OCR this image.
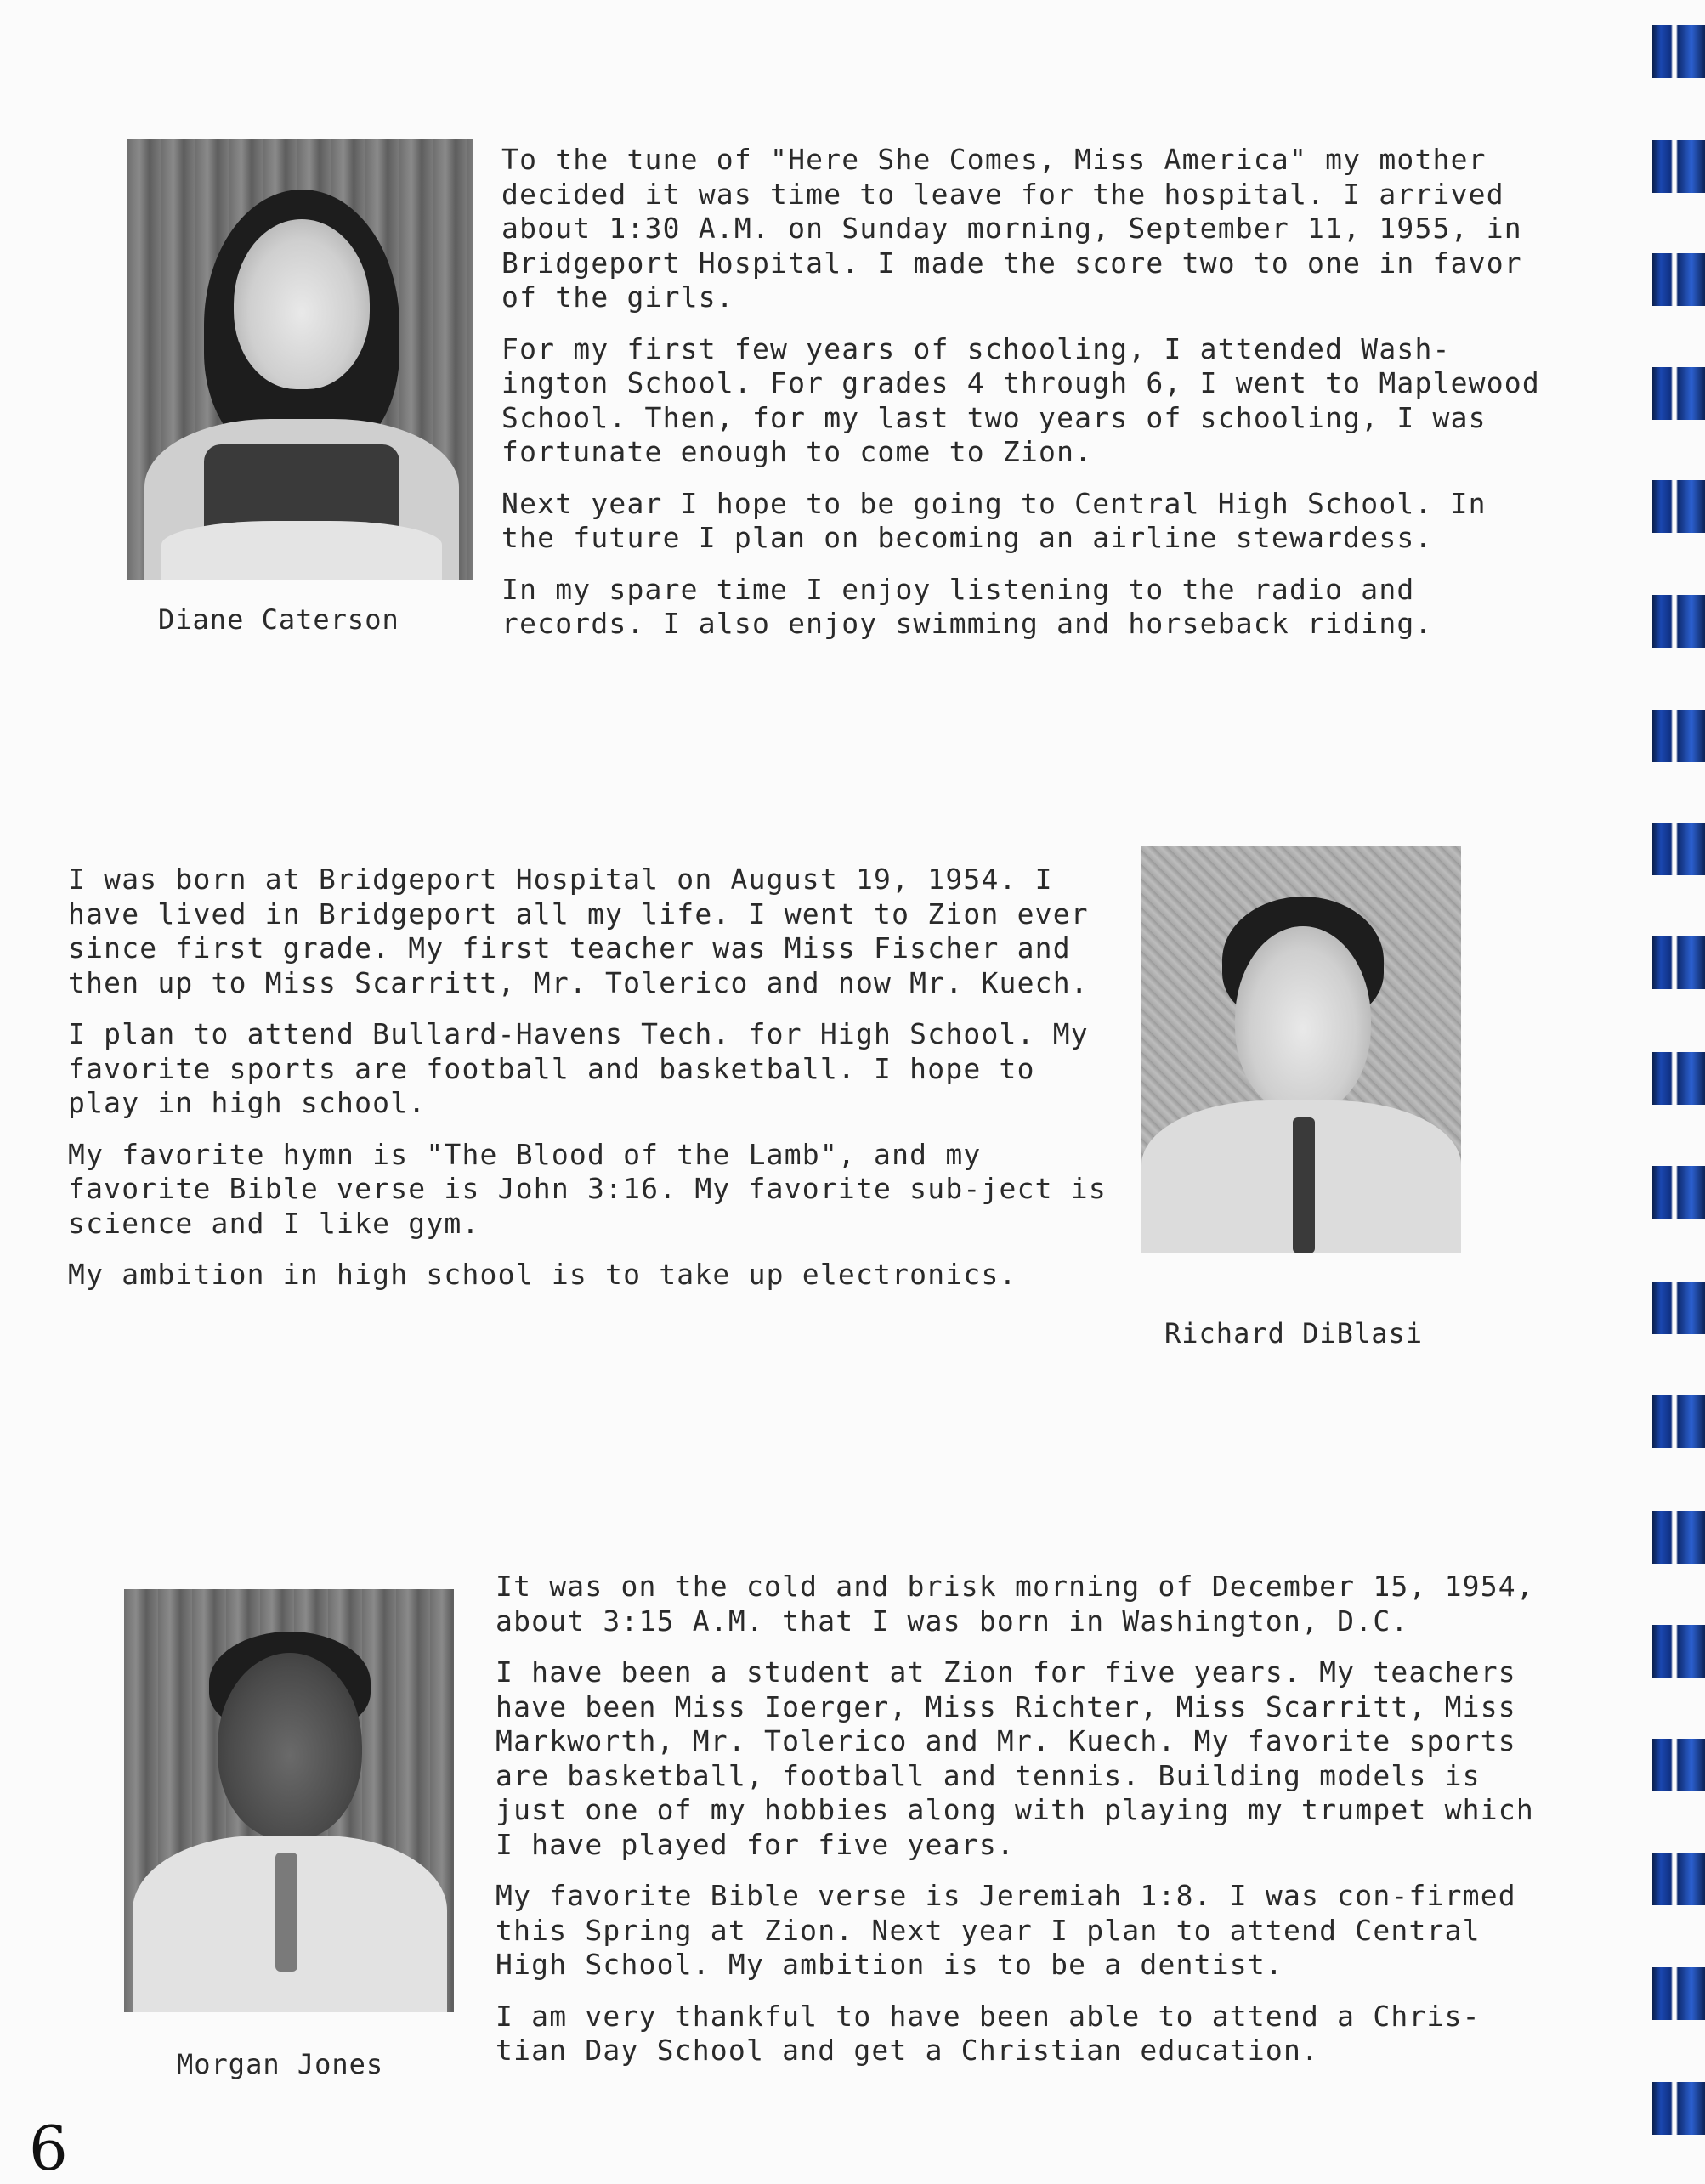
Diane Caterson

To the tune of "Here She Comes, Miss America" my mother decided it was time to leave for the hospital. I arrived about 1:30 A.M. on Sunday morning, September 11, 1955, in Bridgeport Hospital. I made the score two to one in favor of the girls.

For my first few years of schooling, I attended Wash-ington School. For grades 4 through 6, I went to Maplewood School. Then, for my last two years of schooling, I was fortunate enough to come to Zion.

Next year I hope to be going to Central High School. In the future I plan on becoming an airline stewardess.

In my spare time I enjoy listening to the radio and records. I also enjoy swimming and horseback riding.

I was born at Bridgeport Hospital on August 19, 1954. I have lived in Bridgeport all my life. I went to Zion ever since first grade. My first teacher was Miss Fischer and then up to Miss Scarritt, Mr. Tolerico and now Mr. Kuech.

I plan to attend Bullard-Havens Tech. for High School. My favorite sports are football and basketball. I hope to play in high school.

My favorite hymn is "The Blood of the Lamb", and my favorite Bible verse is John 3:16. My favorite sub-ject is science and I like gym.

My ambition in high school is to take up electronics.

Richard DiBlasi
Morgan Jones

It was on the cold and brisk morning of December 15, 1954, about 3:15 A.M. that I was born in Washington, D.C.

I have been a student at Zion for five years. My teachers have been Miss Ioerger, Miss Richter, Miss Scarritt, Miss Markworth, Mr. Tolerico and Mr. Kuech. My favorite sports are basketball, football and tennis. Building models is just one of my hobbies along with playing my trumpet which I have played for five years.

My favorite Bible verse is Jeremiah 1:8. I was con-firmed this Spring at Zion. Next year I plan to attend Central High School. My ambition is to be a dentist.

I am very thankful to have been able to attend a Chris-tian Day School and get a Christian education.

6
